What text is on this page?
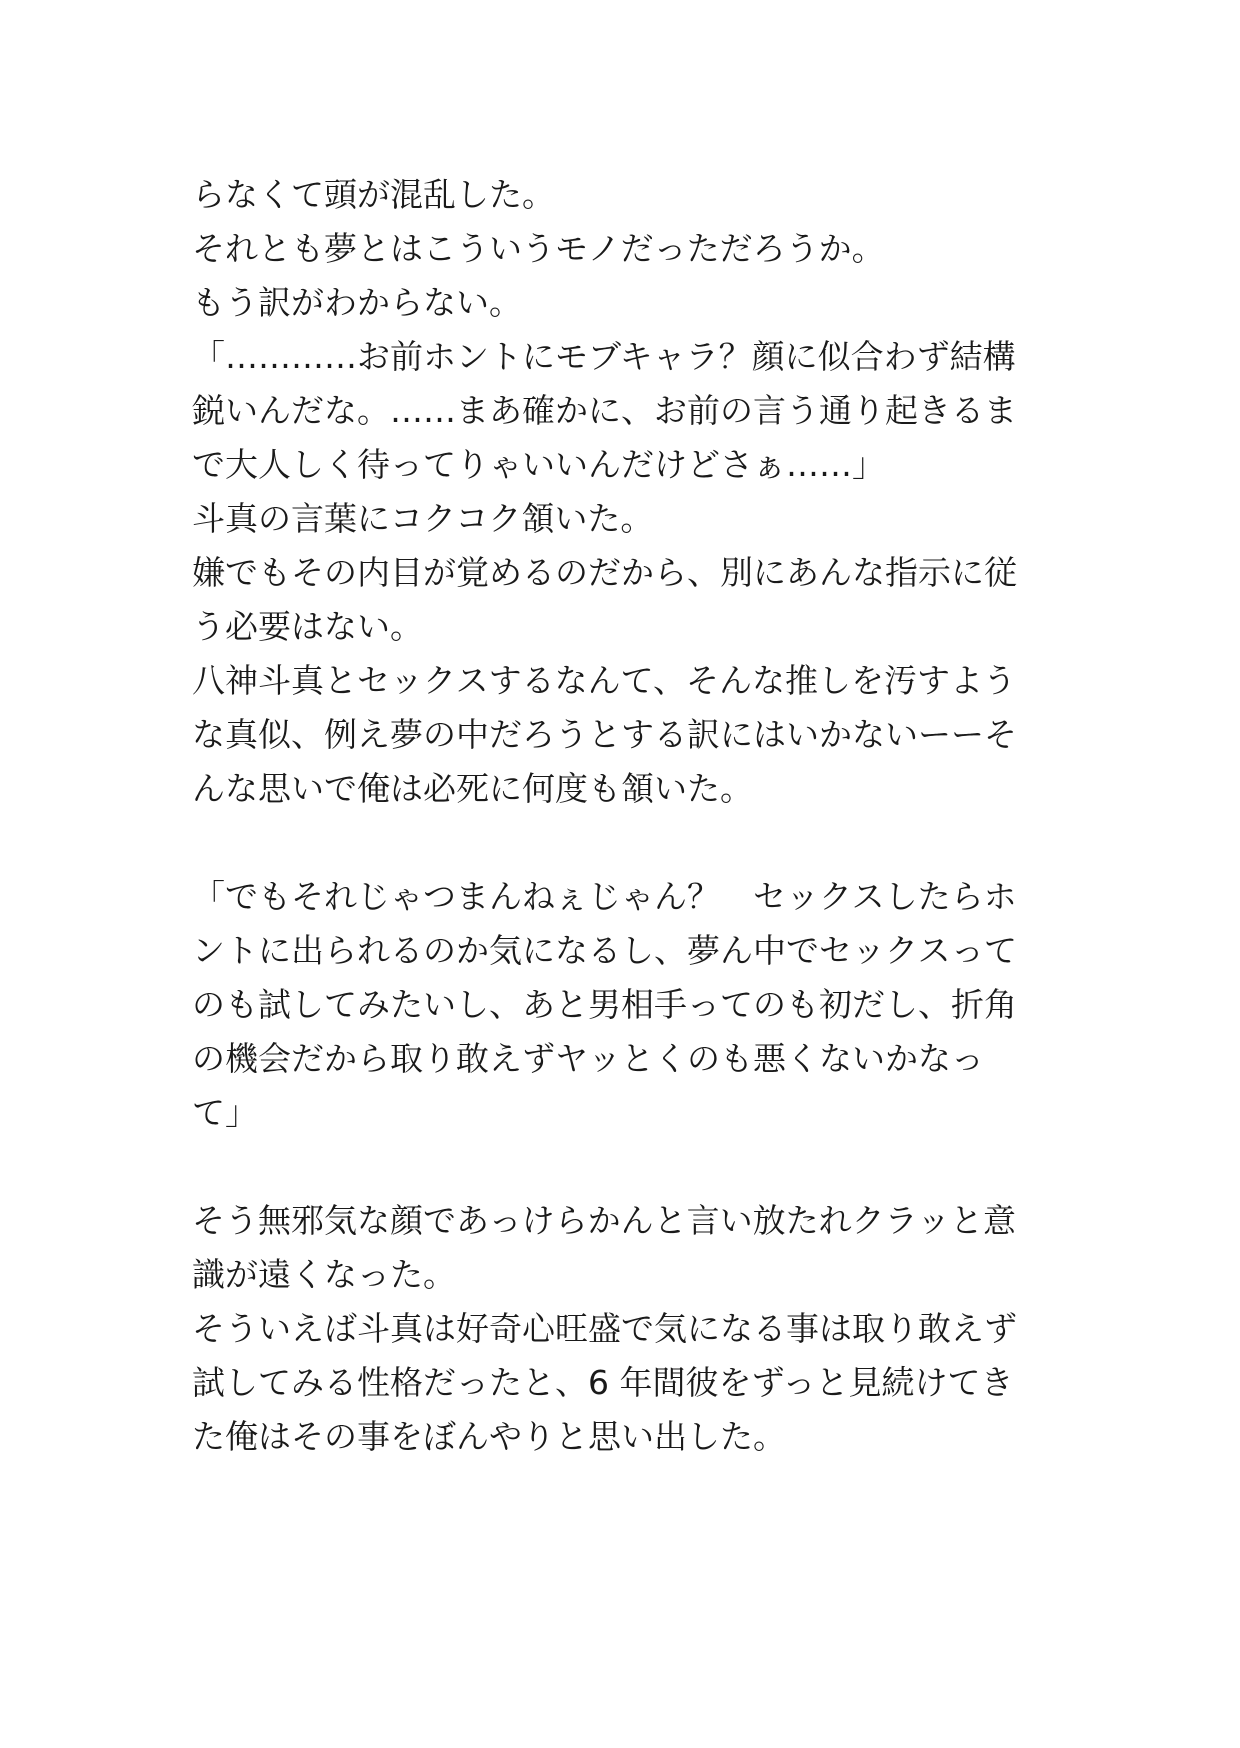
らなくて頭が混乱した。
それとも夢とはこういうモノだっただろうか。
もう訳がわからない。
「…………お前ホントにモブキャラ？顔に似合わず結構
鋭いんだな。……まあ確かに、お前の言う通り起きるま
で大人しく待ってりゃいいんだけどさぁ……」
斗真の言葉にコクコク頷いた。
嫌でもその内目が覚めるのだから、別にあんな指示に従
う必要はない。
八神斗真とセックスするなんて、そんな推しを汚すよう
な真似、例え夢の中だろうとする訳にはいかないーーそ
んな思いで俺は必死に何度も頷いた。
「でもそれじゃつまんねぇじゃん？　セックスしたらホ
ントに出られるのか気になるし、夢ん中でセックスって
のも試してみたいし、あと男相手ってのも初だし、折角
の機会だから取り敢えずヤッとくのも悪くないかなっ
て」
そう無邪気な顔であっけらかんと言い放たれクラッと意
識が遠くなった。
そういえば斗真は好奇心旺盛で気になる事は取り敢えず
試してみる性格だったと、6 年間彼をずっと見続けてき
た俺はその事をぼんやりと思い出した。
